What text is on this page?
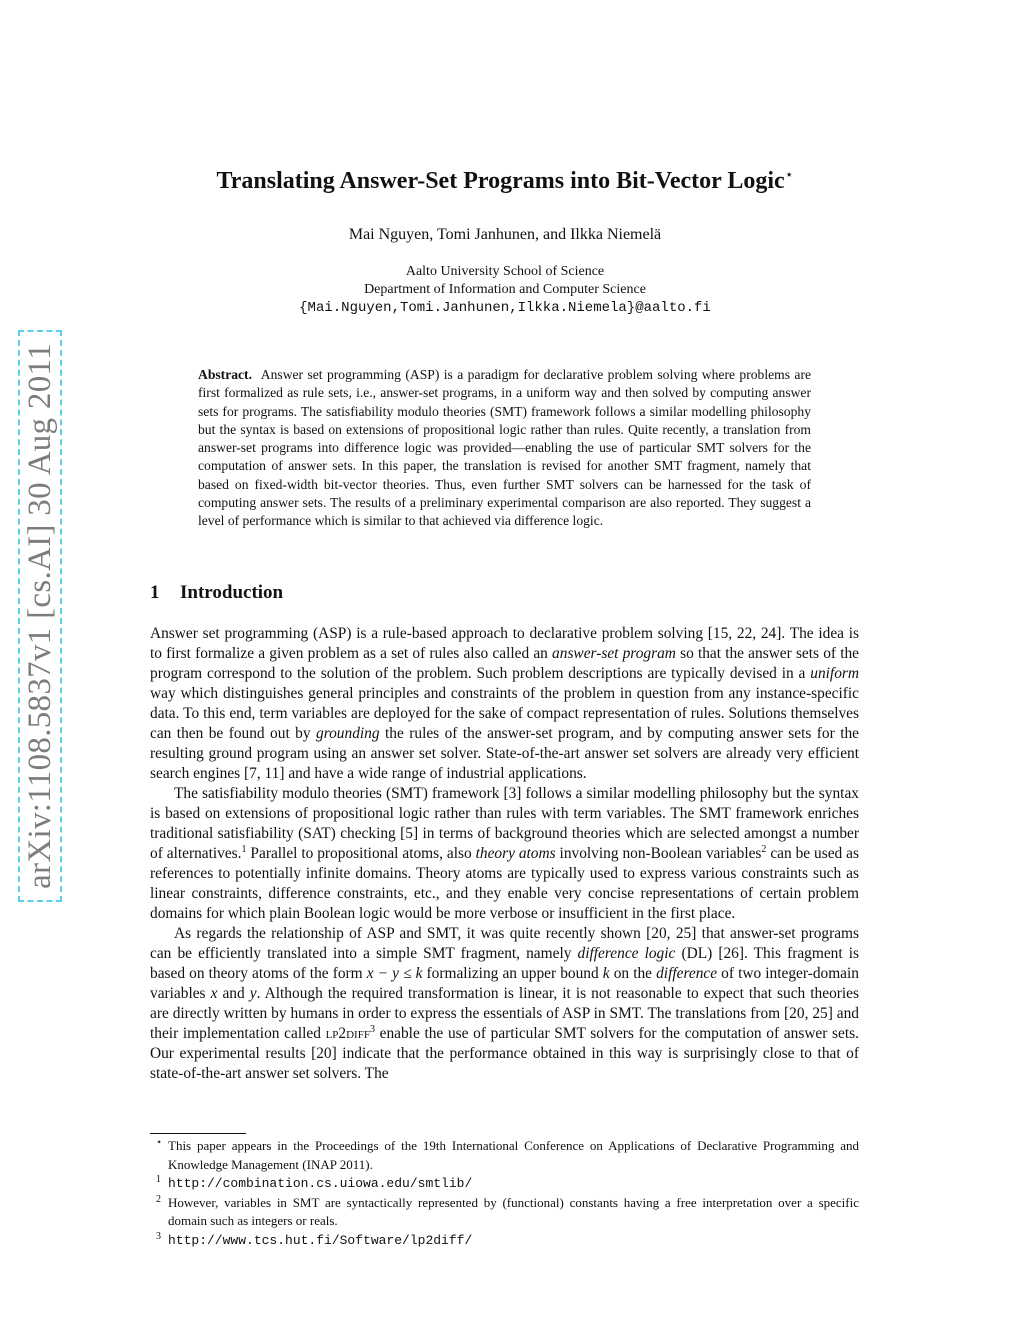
arXiv:1108.5837v1 [cs.AI] 30 Aug 2011
Translating Answer-Set Programs into Bit-Vector Logic⋆
Mai Nguyen, Tomi Janhunen, and Ilkka Niemelä
Aalto University School of Science
Department of Information and Computer Science
{Mai.Nguyen,Tomi.Janhunen,Ilkka.Niemela}@aalto.fi
Abstract. Answer set programming (ASP) is a paradigm for declarative problem solving where problems are first formalized as rule sets, i.e., answer-set programs, in a uniform way and then solved by computing answer sets for programs. The satisfiability modulo theories (SMT) framework follows a similar modelling philosophy but the syntax is based on extensions of propositional logic rather than rules. Quite recently, a translation from answer-set programs into difference logic was provided—enabling the use of particular SMT solvers for the computation of answer sets. In this paper, the translation is revised for another SMT fragment, namely that based on fixed-width bit-vector theories. Thus, even further SMT solvers can be harnessed for the task of computing answer sets. The results of a preliminary experimental comparison are also reported. They suggest a level of performance which is similar to that achieved via difference logic.
1 Introduction

Answer set programming (ASP) is a rule-based approach to declarative problem solving [15, 22, 24]. The idea is to first formalize a given problem as a set of rules also called an answer-set program so that the answer sets of the program correspond to the solution of the problem. Such problem descriptions are typically devised in a uniform way which distinguishes general principles and constraints of the problem in question from any instance-specific data. To this end, term variables are deployed for the sake of compact representation of rules. Solutions themselves can then be found out by grounding the rules of the answer-set program, and by computing answer sets for the resulting ground program using an answer set solver. State-of-the-art answer set solvers are already very efficient search engines [7, 11] and have a wide range of industrial applications.

The satisfiability modulo theories (SMT) framework [3] follows a similar modelling philosophy but the syntax is based on extensions of propositional logic rather than rules with term variables. The SMT framework enriches traditional satisfiability (SAT) checking [5] in terms of background theories which are selected amongst a number of alternatives.$^1$ Parallel to propositional atoms, also theory atoms involving non-Boolean variables$^2$ can be used as references to potentially infinite domains. Theory atoms are typically used to express various constraints such as linear constraints, difference constraints, etc., and they enable very concise representations of certain problem domains for which plain Boolean logic would be more verbose or insufficient in the first place.

As regards the relationship of ASP and SMT, it was quite recently shown [20, 25] that answer-set programs can be efficiently translated into a simple SMT fragment, namely difference logic (DL) [26]. This fragment is based on theory atoms of the form x − y ≤ k formalizing an upper bound k on the difference of two integer-domain variables x and y. Although the required transformation is linear, it is not reasonable to expect that such theories are directly written by humans in order to express the essentials of ASP in SMT. The translations from [20, 25] and their implementation called lp2diff$^3$ enable the use of particular SMT solvers for the computation of answer sets. Our experimental results [20] indicate that the performance obtained in this way is surprisingly close to that of state-of-the-art answer set solvers. The

⋆ This paper appears in the Proceedings of the 19th International Conference on Applications of Declarative Programming and Knowledge Management (INAP 2011).
1 http://combination.cs.uiowa.edu/smtlib/
2 However, variables in SMT are syntactically represented by (functional) constants having a free interpretation over a specific domain such as integers or reals.
3 http://www.tcs.hut.fi/Software/lp2diff/
